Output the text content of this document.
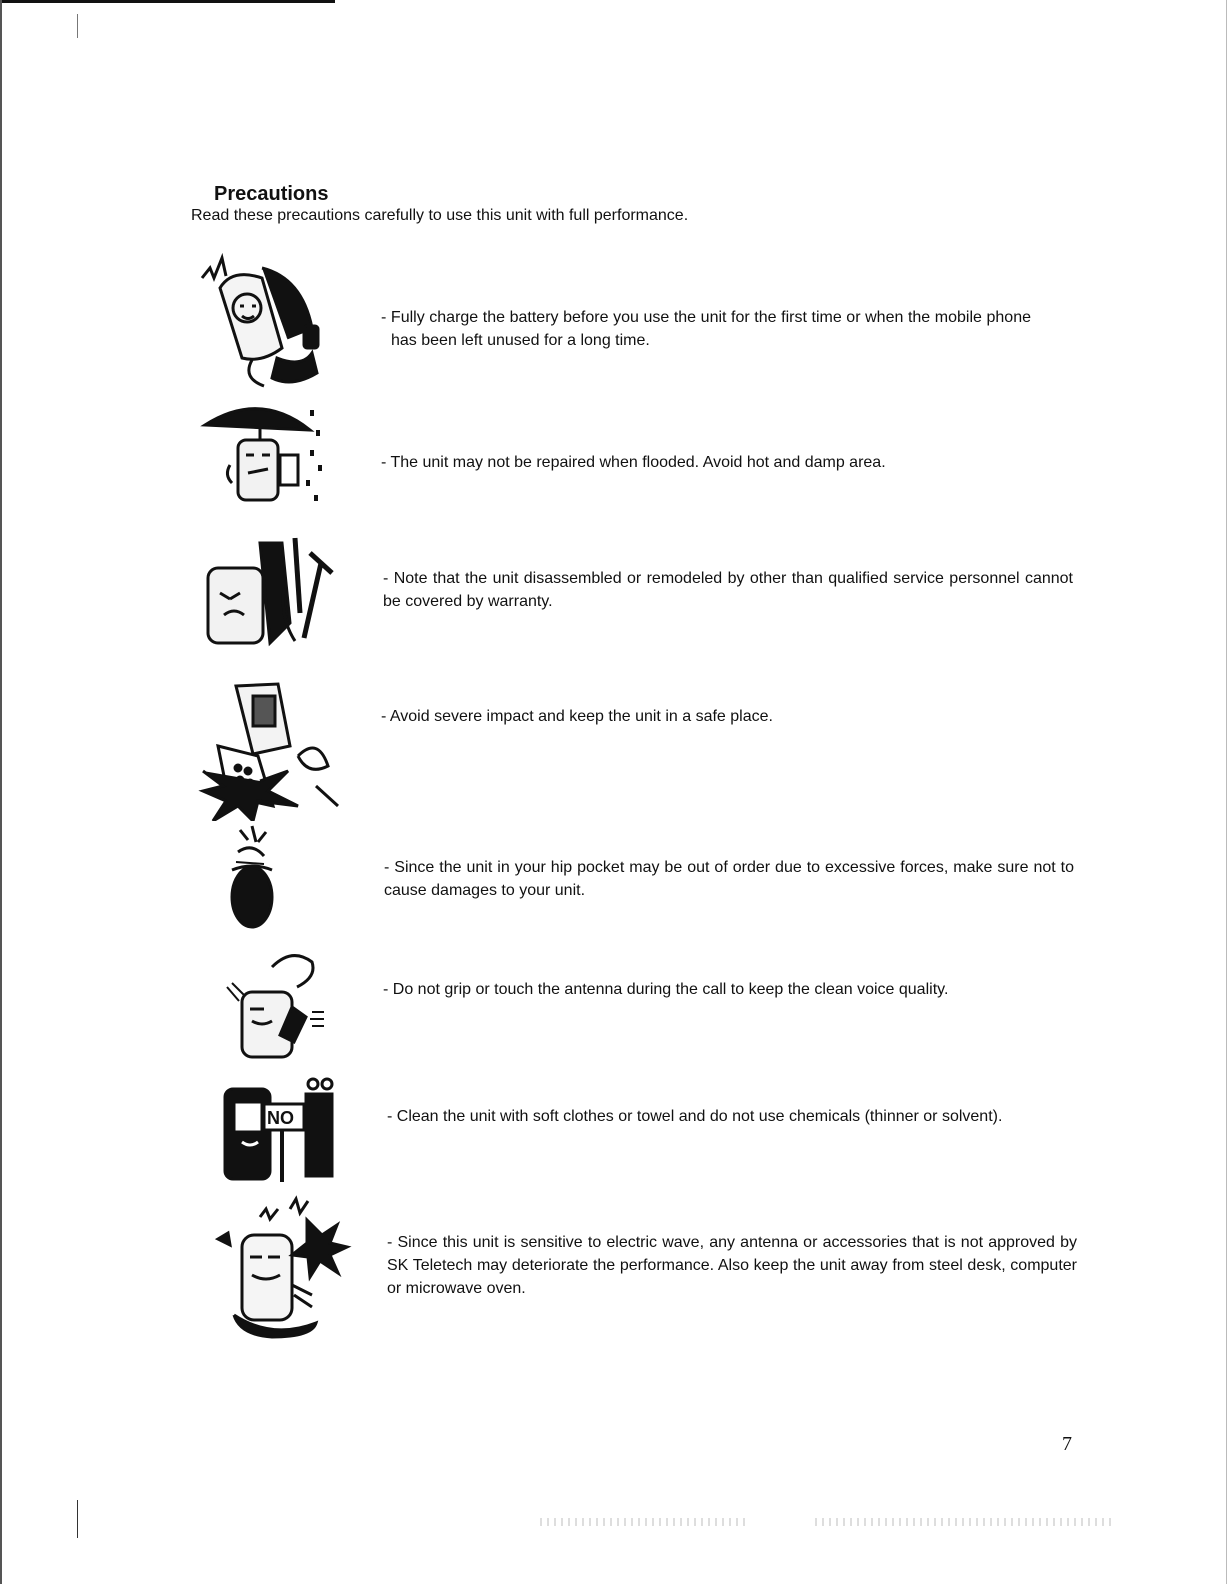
Precautions

Read these precautions carefully to use this unit with full performance.

- Fully charge the battery before you use the unit for the first time or when the mobile phone has been left unused for a long time.

- The unit may not be repaired when flooded. Avoid hot and damp area.

- Note that the unit disassembled or remodeled by other than qualified service personnel cannot be covered by warranty.

- Avoid severe impact and keep the unit in a safe place.

- Since the unit in your hip pocket may be out of order due to excessive forces, make sure not to cause damages to your unit.

- Do not grip or touch the antenna during the call to keep the clean voice quality.

NO	- Clean the unit with soft clothes or towel and do not use chemicals (thinner or solvent).

- Since this unit is sensitive to electric wave, any antenna or accessories that is not approved by SK Teletech may deteriorate the performance. Also keep the unit away from steel desk, computer or microwave oven.

7
